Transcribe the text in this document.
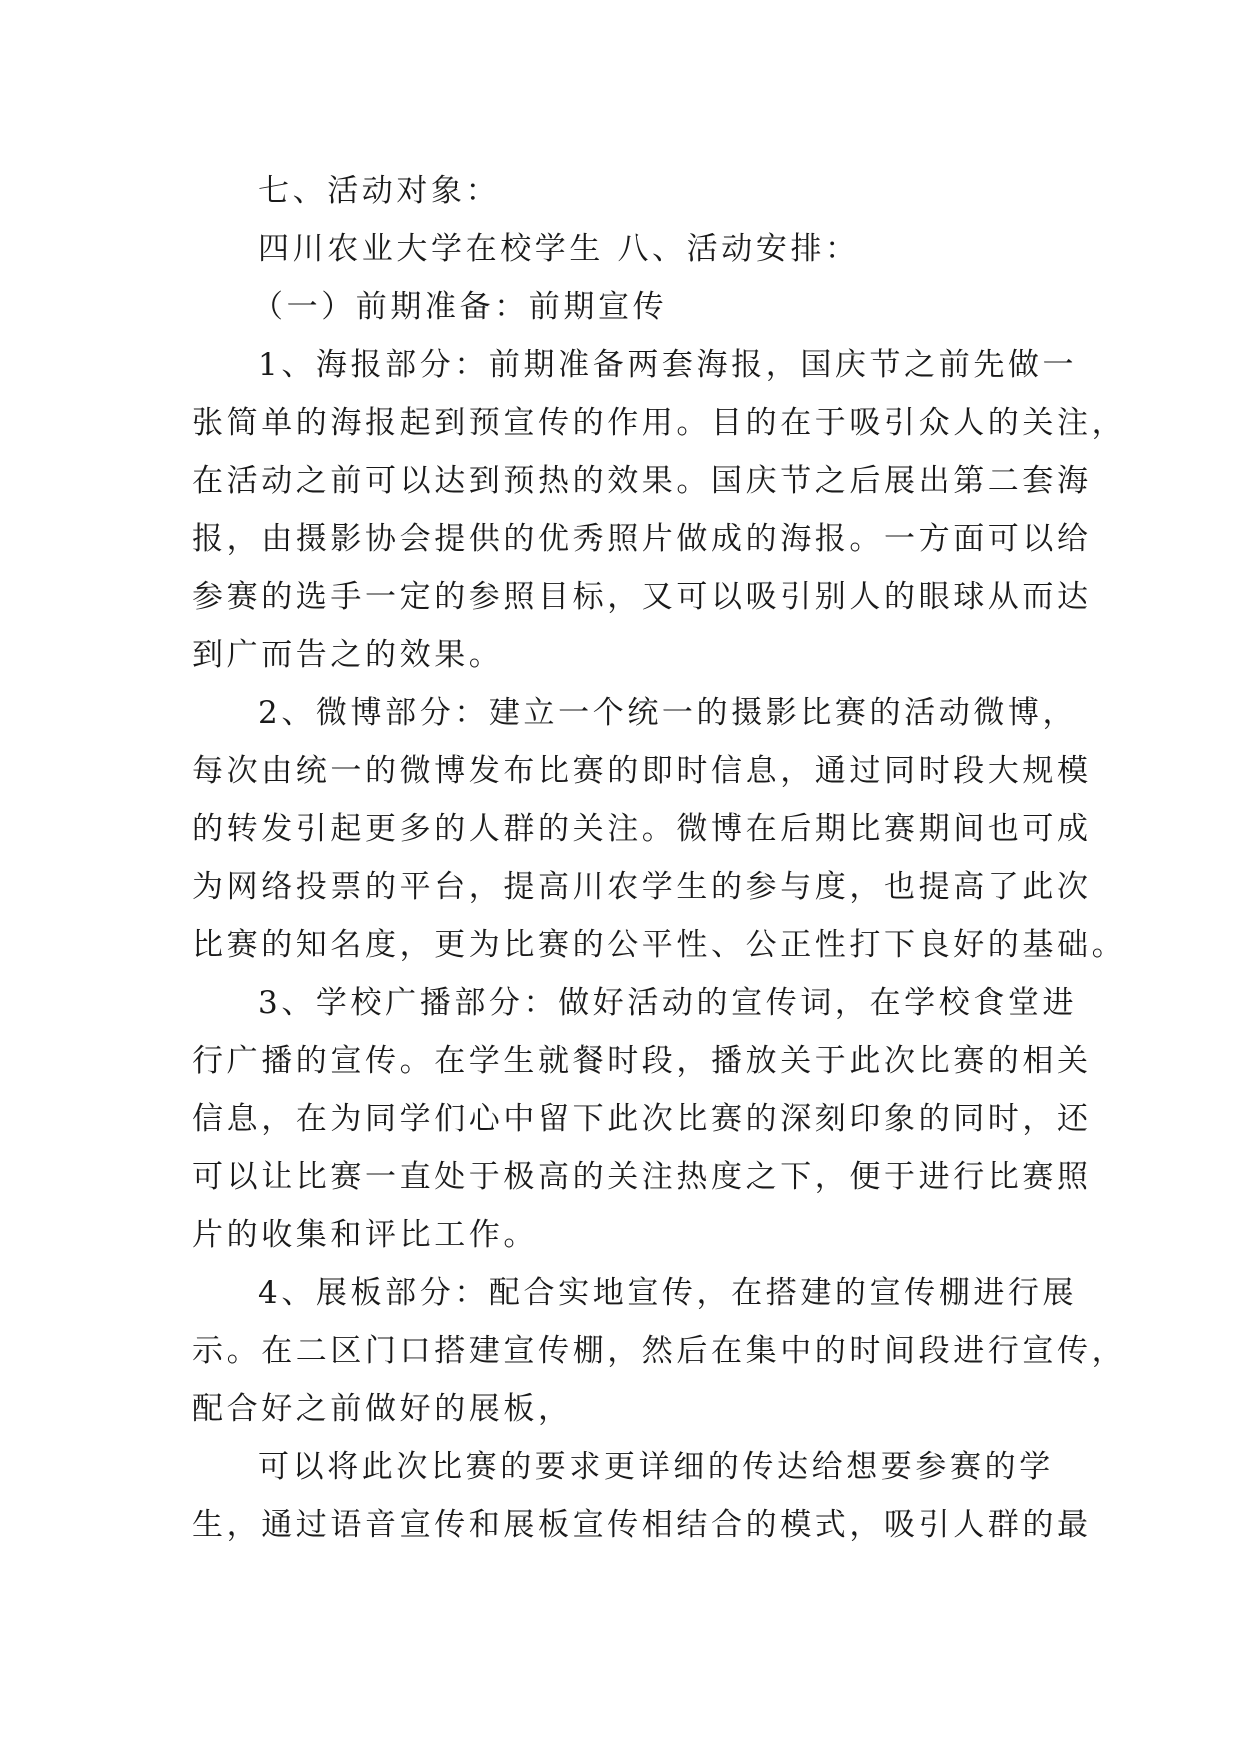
七、活动对象：
四川农业大学在校学生 八、活动安排：
（一）前期准备：前期宣传
1、海报部分：前期准备两套海报，国庆节之前先做一
张简单的海报起到预宣传的作用。目的在于吸引众人的关注，
在活动之前可以达到预热的效果。国庆节之后展出第二套海
报，由摄影协会提供的优秀照片做成的海报。一方面可以给
参赛的选手一定的参照目标，又可以吸引别人的眼球从而达
到广而告之的效果。
2、微博部分：建立一个统一的摄影比赛的活动微博，
每次由统一的微博发布比赛的即时信息，通过同时段大规模
的转发引起更多的人群的关注。微博在后期比赛期间也可成
为网络投票的平台，提高川农学生的参与度，也提高了此次
比赛的知名度，更为比赛的公平性、公正性打下良好的基础。
3、学校广播部分：做好活动的宣传词，在学校食堂进
行广播的宣传。在学生就餐时段，播放关于此次比赛的相关
信息，在为同学们心中留下此次比赛的深刻印象的同时，还
可以让比赛一直处于极高的关注热度之下，便于进行比赛照
片的收集和评比工作。
4、展板部分：配合实地宣传，在搭建的宣传棚进行展
示。在二区门口搭建宣传棚，然后在集中的时间段进行宣传，
配合好之前做好的展板，
可以将此次比赛的要求更详细的传达给想要参赛的学
生，通过语音宣传和展板宣传相结合的模式，吸引人群的最
